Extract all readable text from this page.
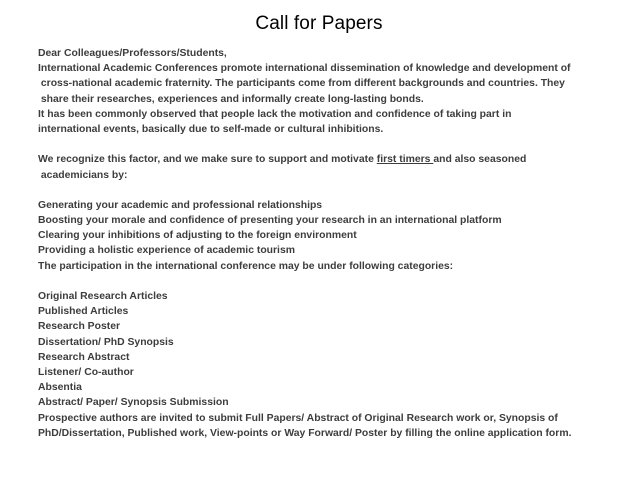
Call for Papers
Dear Colleagues/Professors/Students,
International Academic Conferences promote international dissemination of knowledge and development of
cross-national academic fraternity. The participants come from different backgrounds and countries. They
share their researches, experiences and informally create long-lasting bonds.
It has been commonly observed that people lack the motivation and confidence of taking part in
international events, basically due to self-made or cultural inhibitions.
We recognize this factor, and we make sure to support and motivate first timers and also seasoned
academicians by:
Generating your academic and professional relationships
Boosting your morale and confidence of presenting your research in an international platform
Clearing your inhibitions of adjusting to the foreign environment
Providing a holistic experience of academic tourism
The participation in the international conference may be under following categories:
Original Research Articles
Published Articles
Research Poster
Dissertation/ PhD Synopsis
Research Abstract
Listener/ Co-author
Absentia
Abstract/ Paper/ Synopsis Submission
Prospective authors are invited to submit Full Papers/ Abstract of Original Research work or, Synopsis of
PhD/Dissertation, Published work, View-points or Way Forward/ Poster by filling the online application form.
